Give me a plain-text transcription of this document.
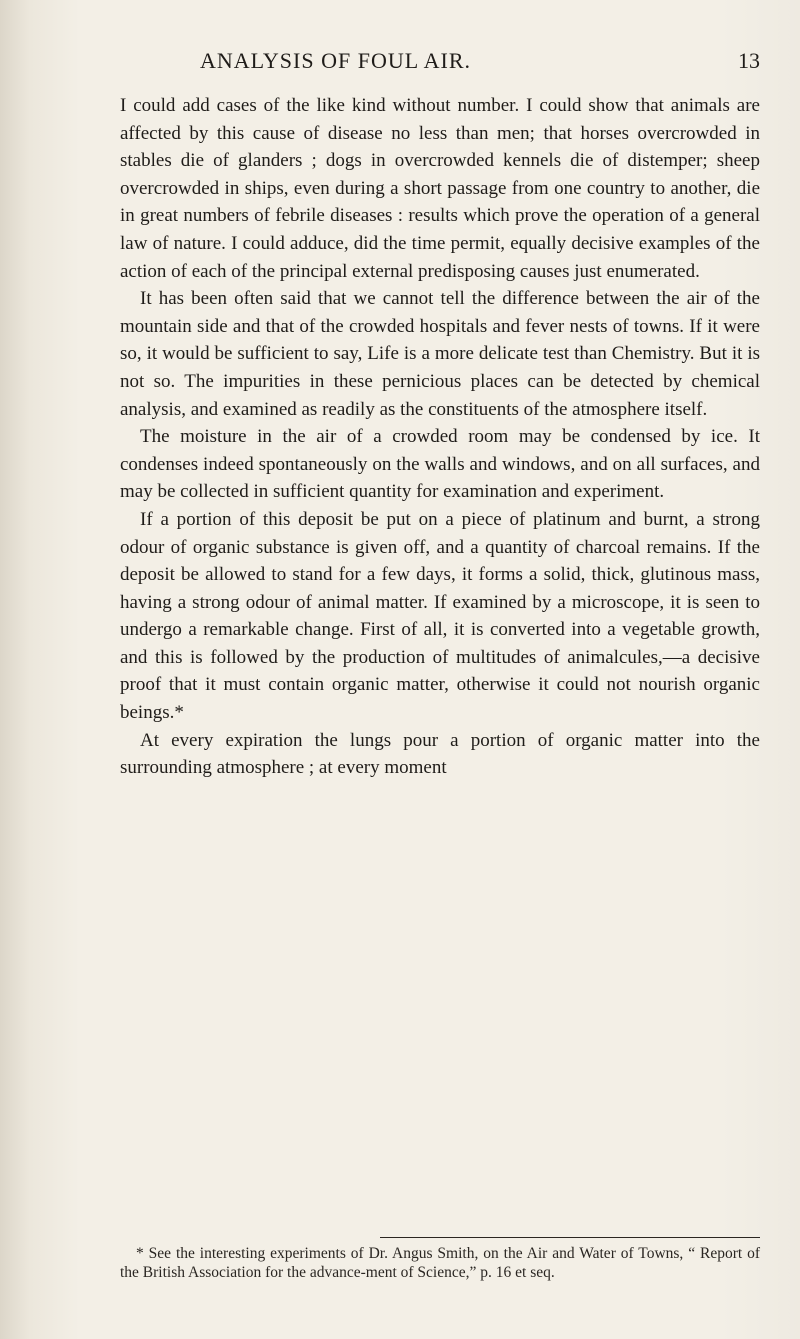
ANALYSIS OF FOUL AIR.	13

I could add cases of the like kind without number. I could show that animals are affected by this cause of disease no less than men; that horses overcrowded in stables die of glanders ; dogs in overcrowded kennels die of distemper; sheep overcrowded in ships, even during a short passage from one country to another, die in great numbers of febrile diseases : results which prove the operation of a general law of nature. I could adduce, did the time permit, equally decisive examples of the action of each of the principal external predisposing causes just enumerated.

It has been often said that we cannot tell the difference between the air of the mountain side and that of the crowded hospitals and fever nests of towns. If it were so, it would be sufficient to say, Life is a more delicate test than Chemistry. But it is not so. The impurities in these pernicious places can be detected by chemical analysis, and examined as readily as the constituents of the atmosphere itself.

The moisture in the air of a crowded room may be condensed by ice. It condenses indeed spontaneously on the walls and windows, and on all surfaces, and may be collected in sufficient quantity for examination and experiment.

If a portion of this deposit be put on a piece of platinum and burnt, a strong odour of organic substance is given off, and a quantity of charcoal remains. If the deposit be allowed to stand for a few days, it forms a solid, thick, glutinous mass, having a strong odour of animal matter. If examined by a microscope, it is seen to undergo a remarkable change. First of all, it is converted into a vegetable growth, and this is followed by the production of multitudes of animalcules,—a decisive proof that it must contain organic matter, otherwise it could not nourish organic beings.*

At every expiration the lungs pour a portion of organic matter into the surrounding atmosphere ; at every moment

* See the interesting experiments of Dr. Angus Smith, on the Air and Water of Towns, “ Report of the British Association for the advance-ment of Science,” p. 16 et seq.
